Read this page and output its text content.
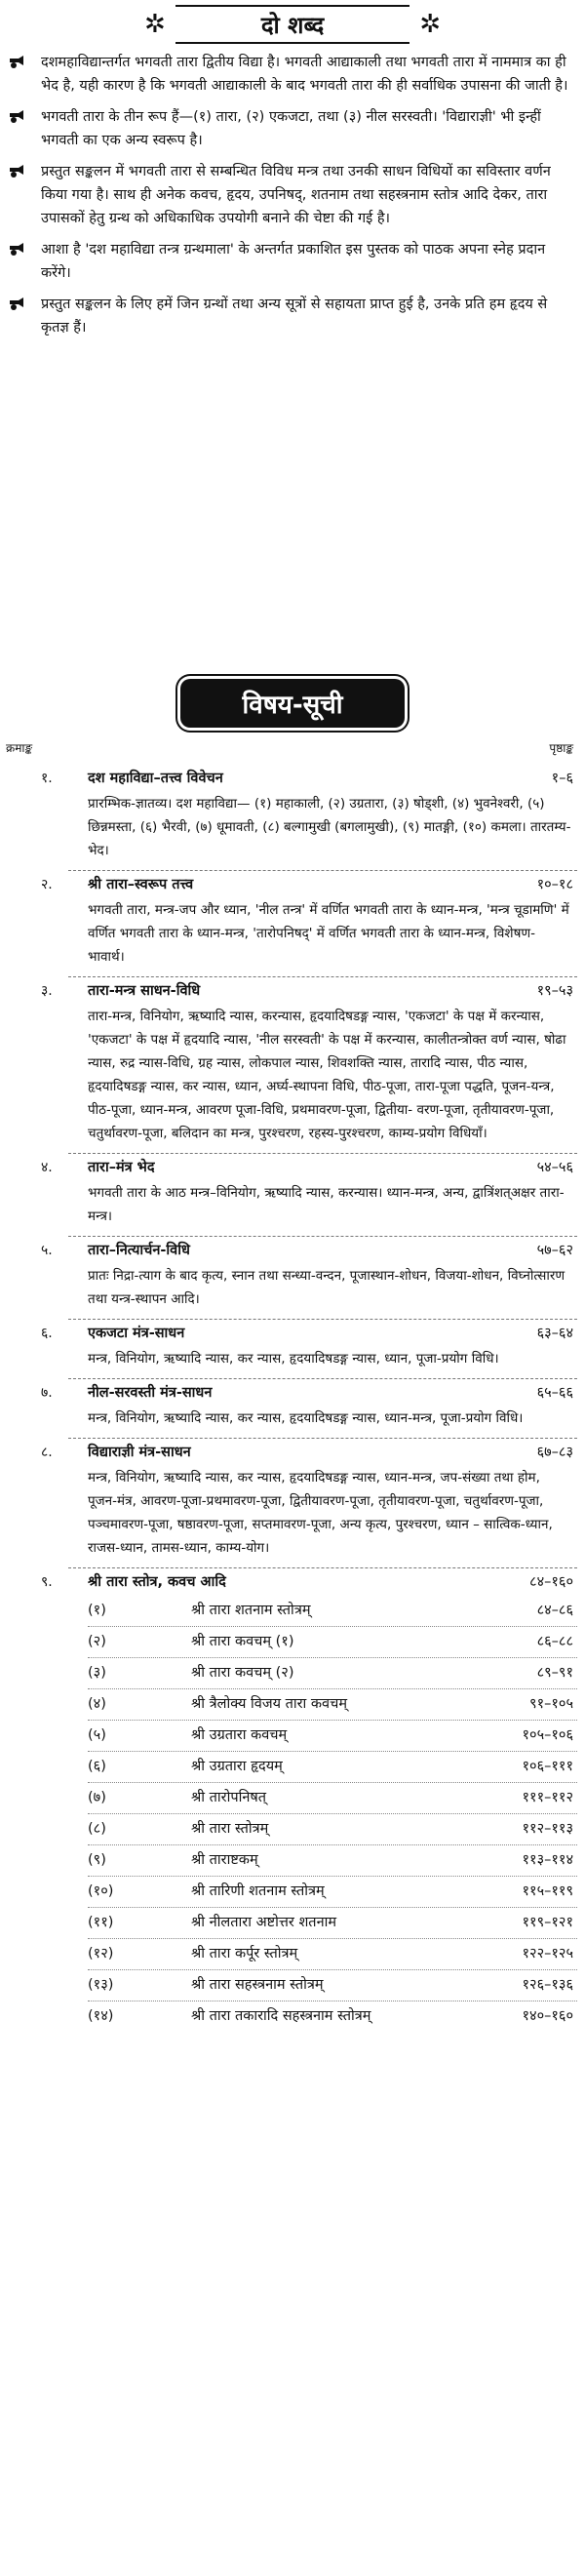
✲	दो शब्द	✲
दशमहाविद्यान्तर्गत भगवती तारा द्वितीय विद्या है। भगवती आद्याकाली तथा भगवती तारा में नाममात्र का ही भेद है, यही कारण है कि भगवती आद्याकाली के बाद भगवती तारा की ही सर्वाधिक उपासना की जाती है।
भगवती तारा के तीन रूप हैं—(१) तारा, (२) एकजटा, तथा (३) नील सरस्वती। 'विद्याराज्ञी' भी इन्हीं भगवती का एक अन्य स्वरूप है।
प्रस्तुत सङ्कलन में भगवती तारा से सम्बन्धित विविध मन्त्र तथा उनकी साधन विधियों का सविस्तार वर्णन किया गया है। साथ ही अनेक कवच, हृदय, उपनिषद्, शतनाम तथा सहस्त्रनाम स्तोत्र आदि देकर, तारा उपासकों हेतु ग्रन्थ को अधिकाधिक उपयोगी बनाने की चेष्टा की गई है।
आशा है 'दश महाविद्या तन्त्र ग्रन्थमाला' के अन्तर्गत प्रकाशित इस पुस्तक को पाठक अपना स्नेह प्रदान करेंगे।
प्रस्तुत सङ्कलन के लिए हमें जिन ग्रन्थों तथा अन्य सूत्रों से सहायता प्राप्त हुई है, उनके प्रति हम हृदय से कृतज्ञ हैं।
विषय-सूची
क्रमाङ्क	पृष्ठाङ्क
१.	दश महाविद्या–तत्त्व विवेचन	१–६
प्रारम्भिक-ज्ञातव्य। दश महाविद्या— (१) महाकाली, (२) उग्रतारा, (३) षोड्शी, (४) भुवनेश्वरी, (५) छिन्नमस्ता, (६) भैरवी, (७) धूमावती, (८) बल्गामुखी (बगलामुखी), (९) मातङ्गी, (१०) कमला। तारतम्य-भेद।
२.	श्री तारा–स्वरूप तत्त्व	१०–१८
भगवती तारा, मन्त्र-जप और ध्यान, 'नील तन्त्र' में वर्णित भगवती तारा के ध्यान-मन्त्र, 'मन्त्र चूडामणि' में वर्णित भगवती तारा के ध्यान-मन्त्र, 'तारोपनिषद्' में वर्णित भगवती तारा के ध्यान-मन्त्र, विशेषण-भावार्थ।
३.	तारा-मन्त्र साधन-विधि	१९–५३
तारा-मन्त्र, विनियोग, ऋष्यादि न्यास, करन्यास, हृदयादिषडङ्ग न्यास, 'एकजटा' के पक्ष में करन्यास, 'एकजटा' के पक्ष में हृदयादि न्यास, 'नील सरस्वती' के पक्ष में करन्यास, कालीतन्त्रोक्त वर्ण न्यास, षोढा न्यास, रुद्र न्यास-विधि, ग्रह न्यास, लोकपाल न्यास, शिवशक्ति न्यास, तारादि न्यास, पीठ न्यास, हृदयादिषडङ्ग न्यास, कर न्यास, ध्यान, अर्घ्य-स्थापना विधि, पीठ-पूजा, तारा-पूजा पद्धति, पूजन-यन्त्र, पीठ-पूजा, ध्यान-मन्त्र, आवरण पूजा-विधि, प्रथमावरण-पूजा, द्वितीया- वरण-पूजा, तृतीयावरण-पूजा, चतुर्थावरण-पूजा, बलिदान का मन्त्र, पुरश्चरण, रहस्य-पुरश्चरण, काम्य-प्रयोग विधियाँ।
४.	तारा–मंत्र भेद	५४–५६
भगवती तारा के आठ मन्त्र–विनियोग, ऋष्यादि न्यास, करन्यास। ध्यान-मन्त्र, अन्य, द्वात्रिंशत्अक्षर तारा-मन्त्र।
५.	तारा–नित्यार्चन-विधि	५७–६२
प्रातः निद्रा-त्याग के बाद कृत्य, स्नान तथा सन्ध्या-वन्दन, पूजास्थान-शोधन, विजया-शोधन, विघ्नोत्सारण तथा यन्त्र-स्थापन आदि।
६.	एकजटा मंत्र-साधन	६३–६४
मन्त्र, विनियोग, ऋष्यादि न्यास, कर न्यास, हृदयादिषडङ्ग न्यास, ध्यान, पूजा-प्रयोग विधि।
७.	नील-सरवस्ती मंत्र-साधन	६५–६६
मन्त्र, विनियोग, ऋष्यादि न्यास, कर न्यास, हृदयादिषडङ्ग न्यास, ध्यान-मन्त्र, पूजा-प्रयोग विधि।
८.	विद्याराज्ञी मंत्र-साधन	६७–८३
मन्त्र, विनियोग, ऋष्यादि न्यास, कर न्यास, हृदयादिषडङ्ग न्यास, ध्यान-मन्त्र, जप-संख्या तथा होम, पूजन-मंत्र, आवरण-पूजा-प्रथमावरण-पूजा, द्वितीयावरण-पूजा, तृतीयावरण-पूजा, चतुर्थावरण-पूजा, पञ्चमावरण-पूजा, षष्ठावरण-पूजा, सप्तमावरण-पूजा, अन्य कृत्य, पुरश्चरण, ध्यान – सात्विक-ध्यान, राजस-ध्यान, तामस-ध्यान, काम्य-योग।
९.	श्री तारा स्तोत्र, कवच आदि	८४–१६०
(१)	श्री तारा शतनाम स्तोत्रम्	८४–८६
(२)	श्री तारा कवचम् (१)	८६–८८
(३)	श्री तारा कवचम् (२)	८९–९१
(४)	श्री त्रैलोक्य विजय तारा कवचम्	९१–१०५
(५)	श्री उग्रतारा कवचम्	१०५–१०६
(६)	श्री उग्रतारा हृदयम्	१०६–१११
(७)	श्री तारोपनिषत्	१११–११२
(८)	श्री तारा स्तोत्रम्	११२–११३
(९)	श्री ताराष्टकम्	११३–११४
(१०)	श्री तारिणी शतनाम स्तोत्रम्	११५–११९
(११)	श्री नीलतारा अष्टोत्तर शतनाम	११९–१२१
(१२)	श्री तारा कर्पूर स्तोत्रम्	१२२–१२५
(१३)	श्री तारा सहस्त्रनाम स्तोत्रम्	१२६–१३६
(१४)	श्री तारा तकारादि सहस्त्रनाम स्तोत्रम्	१४०–१६०
